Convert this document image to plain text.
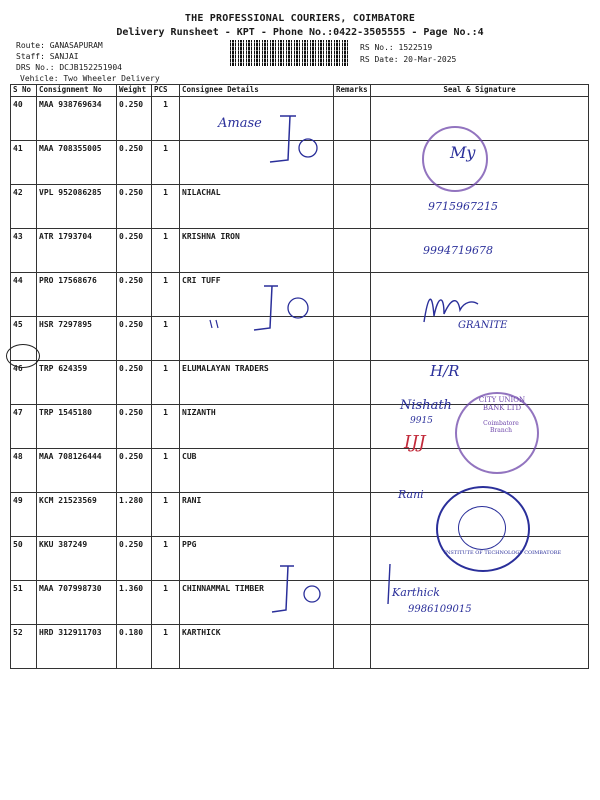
THE PROFESSIONAL COURIERS, COIMBATORE
Delivery Runsheet - KPT - Phone No.:0422-3505555 - Page No.:4
Route: GANASAPURAM
Staff: SANJAI
DRS No.: DCJB152251904
Vehicle: Two Wheeler Delivery
RS No.: 1522519
RS Date: 20-Mar-2025
S No	Consignment No	Weight	PCS	Consignee Details	Remarks	Seal & Signature
40	MAA 938769634	0.250	1			
41	MAA 708355005	0.250	1			
42	VPL 952086285	0.250	1	NILACHAL		
43	ATR 1793704	0.250	1	KRISHNA IRON		
44	PRO 17568676	0.250	1	CRI TUFF		
45	HSR 7297895	0.250	1			
46	TRP 624359	0.250	1	ELUMALAYAN TRADERS		
47	TRP 1545180	0.250	1	NIZANTH		
48	MAA 708126444	0.250	1	CUB		
49	KCM 21523569	1.280	1	RANI		
50	KKU 387249	0.250	1	PPG		
51	MAA 707998730	1.360	1	CHINNAMMAL TIMBER		
52	HRD 312911703	0.180	1	KARTHICK		
Amase
My
9715967215
9994719678
GRANITE
H/R
Nishath
9915
CITY UNION BANK LTD
Coimbatore Branch
IJJ
Rani
INSTITUTE OF TECHNOLOGY COIMBATORE
Karthick
9986109015
